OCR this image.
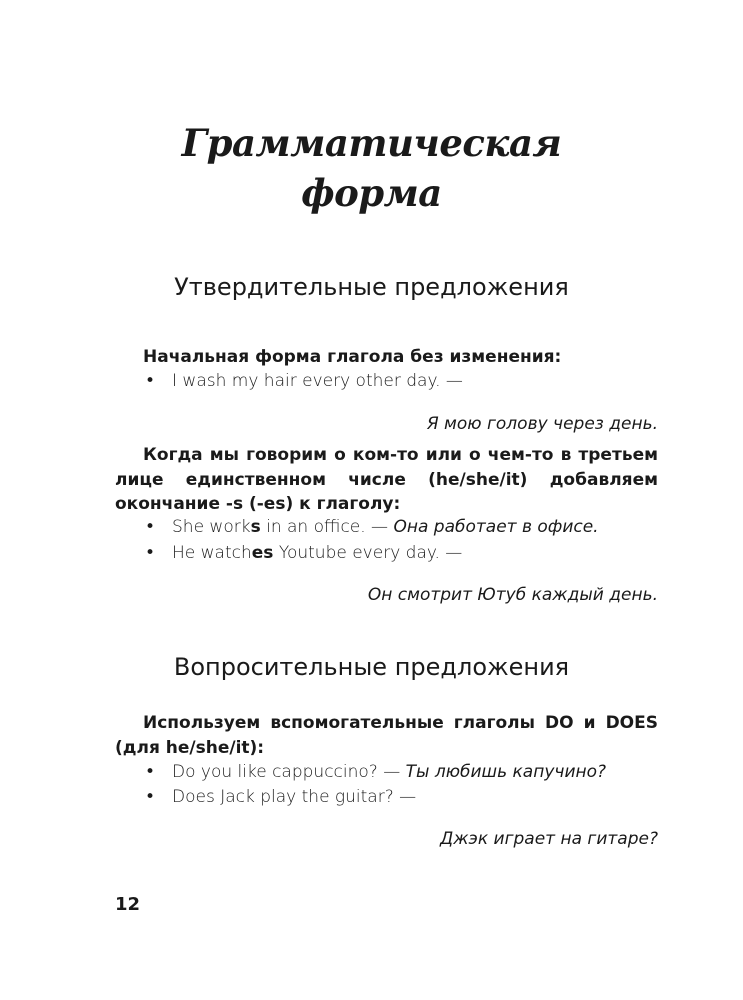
Грамматическая
форма
Утвердительные предложения

Начальная форма глагола без изменения:

• I wash my hair every other day. —

Я мою голову через день.

Когда мы говорим о ком-то или о чем-то в третьем лице единственном числе (he/she/it) добавляем окончание -s (-es) к глаголу:

• She works in an office. — Она работает в офисе.

• He watches Youtube every day. —

Он смотрит Ютуб каждый день.

Вопросительные предложения

Используем вспомогательные глаголы DO и DOES (для he/she/it):

• Do you like cappuccino? — Ты любишь капучино?

• Does Jack play the guitar? —

Джэк играет на гитаре?

12
